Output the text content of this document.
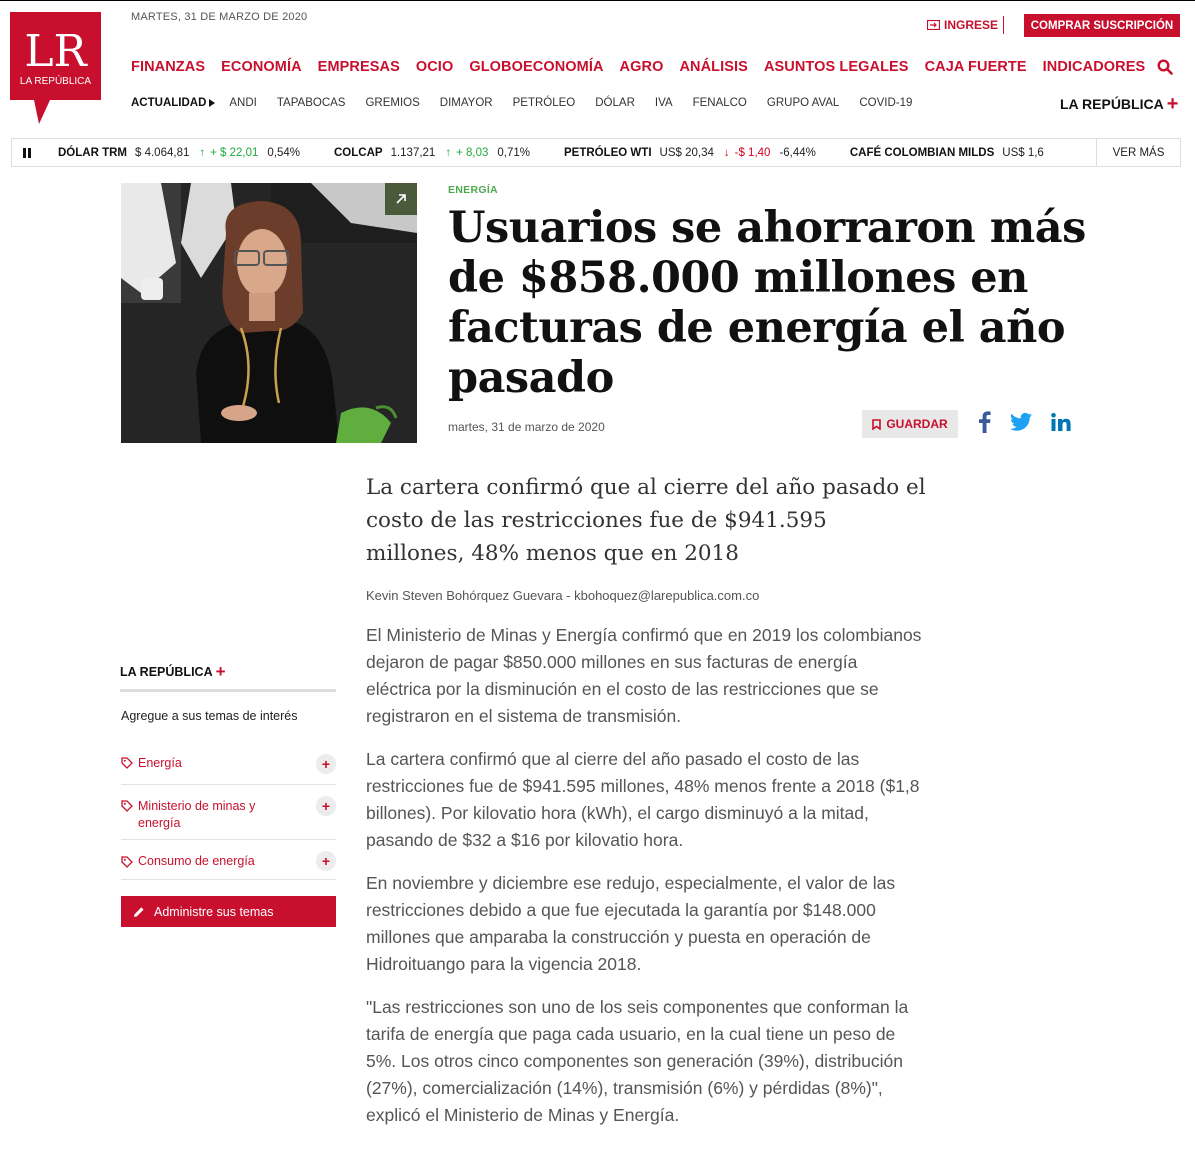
LR
LA REPÚBLICA
MARTES, 31 DE MARZO DE 2020
INGRESE	COMPRAR SUSCRIPCIÓN
FINANZAS ECONOMÍA EMPRESAS OCIO GLOBOECONOMÍA AGRO ANÁLISIS ASUNTOS LEGALES CAJA FUERTE INDICADORES
ACTUALIDAD ANDI TAPABOCAS GREMIOS DIMAYOR PETRÓLEO DÓLAR IVA FENALCO GRUPO AVAL COVID-19	LA REPÚBLICA +
DÓLAR TRM $ 4.064,81 ↑ + $ 22,01 0,54%	COLCAP 1.137,21 ↑ + 8,03 0,71%	PETRÓLEO WTI US$ 20,34 ↓ -$ 1,40 -6,44%	CAFÉ COLOMBIAN MILDS US$ 1,6	VER MÁS
ENERGÍA
Usuarios se ahorraron más de $858.000 millones en facturas de energía el año pasado
martes, 31 de marzo de 2020	GUARDAR
La cartera confirmó que al cierre del año pasado el costo de las restricciones fue de $941.595 millones, 48% menos que en 2018
Kevin Steven Bohórquez Guevara - kbohoquez@larepublica.com.co

El Ministerio de Minas y Energía confirmó que en 2019 los colombianos dejaron de pagar $850.000 millones en sus facturas de energía eléctrica por la disminución en el costo de las restricciones que se registraron en el sistema de transmisión.

La cartera confirmó que al cierre del año pasado el costo de las restricciones fue de $941.595 millones, 48% menos frente a 2018 ($1,8 billones). Por kilovatio hora (kWh), el cargo disminuyó a la mitad, pasando de $32 a $16 por kilovatio hora.

En noviembre y diciembre ese redujo, especialmente, el valor de las restricciones debido a que fue ejecutada la garantía por $148.000 millones que amparaba la construcción y puesta en operación de Hidroituango para la vigencia 2018.

"Las restricciones son uno de los seis componentes que conforman la tarifa de energía que paga cada usuario, en la cual tiene un peso de 5%. Los otros cinco componentes son generación (39%), distribución (27%), comercialización (14%), transmisión (6%) y pérdidas (8%)", explicó el Ministerio de Minas y Energía.

LA REPÚBLICA +
Agregue a sus temas de interés
Energía	+
Ministerio de minas y energía
+
Consumo de energía	+
Administre sus temas
